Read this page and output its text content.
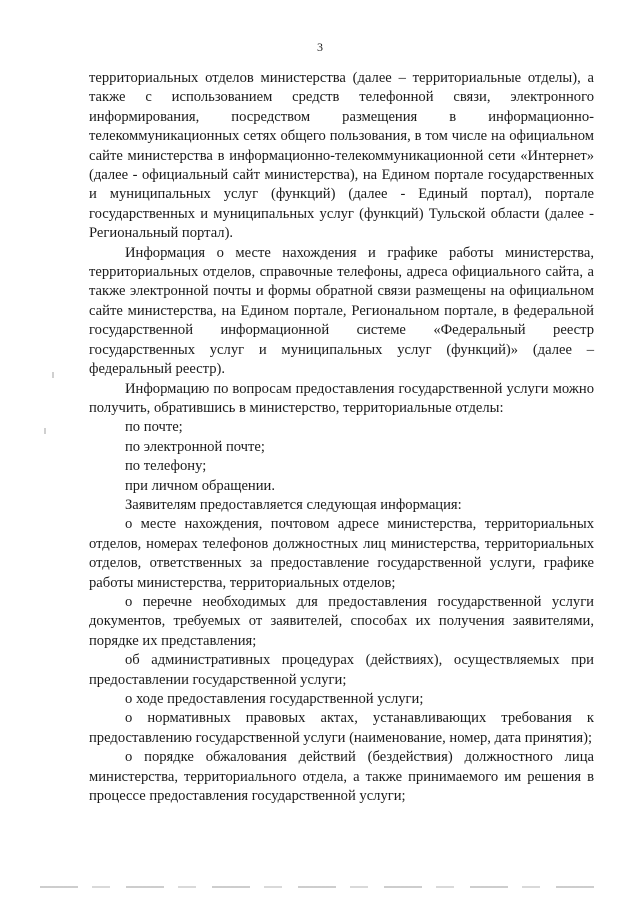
3

территориальных отделов министерства (далее – территориальные отделы), а также с использованием средств телефонной связи, электронного информирования, посредством размещения в информационно-телекоммуникационных сетях общего пользования, в том числе на официальном сайте министерства в информационно-телекоммуникационной сети «Интернет» (далее - официальный сайт министерства), на Едином портале государственных и муниципальных услуг (функций) (далее - Единый портал), портале государственных и муниципальных услуг (функций) Тульской области (далее - Региональный портал).

Информация о месте нахождения и графике работы министерства, территориальных отделов, справочные телефоны, адреса официального сайта, а также электронной почты и формы обратной связи размещены на официальном сайте министерства, на Едином портале, Региональном портале, в федеральной государственной информационной системе «Федеральный реестр государственных услуг и муниципальных услуг (функций)» (далее – федеральный реестр).

Информацию по вопросам предоставления государственной услуги можно получить, обратившись в министерство, территориальные отделы:

по почте;

по электронной почте;

по телефону;

при личном обращении.

Заявителям предоставляется следующая информация:

о месте нахождения, почтовом адресе министерства, территориальных отделов, номерах телефонов должностных лиц министерства, территориальных отделов, ответственных за предоставление государственной услуги, графике работы министерства, территориальных отделов;

о перечне необходимых для предоставления государственной услуги документов, требуемых от заявителей, способах их получения заявителями, порядке их представления;

об административных процедурах (действиях), осуществляемых при предоставлении государственной услуги;

о ходе предоставления государственной услуги;

о нормативных правовых актах, устанавливающих требования к предоставлению государственной услуги (наименование, номер, дата принятия);

о порядке обжалования действий (бездействия) должностного лица министерства, территориального отдела, а также принимаемого им решения в процессе предоставления государственной услуги;
